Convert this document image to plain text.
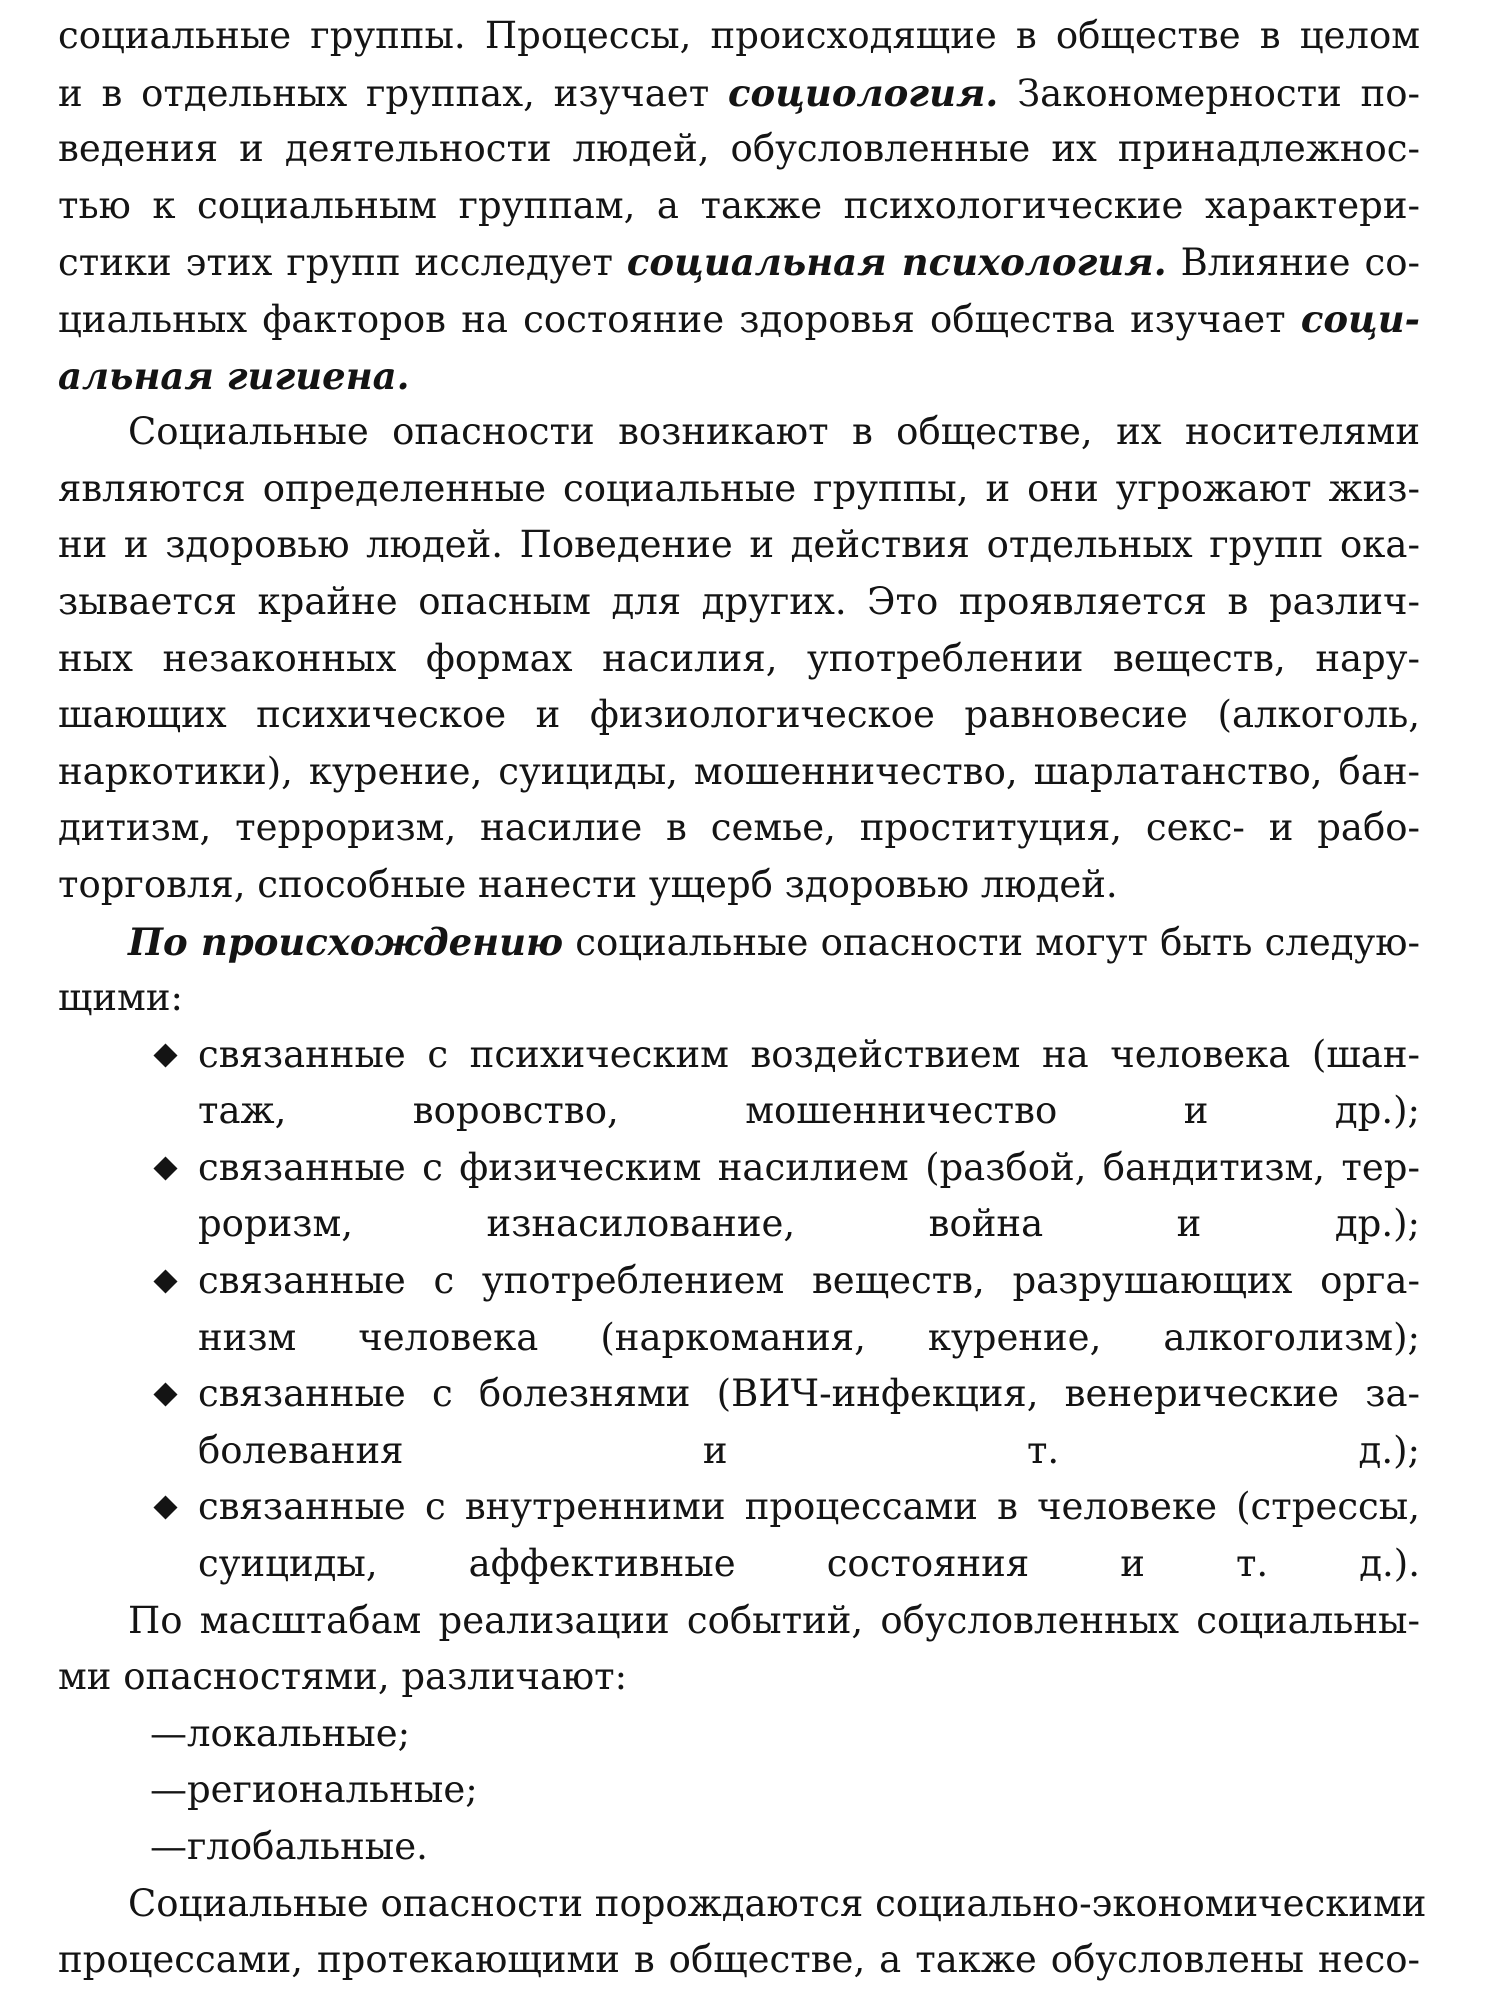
социальные группы. Процессы, происходящие в обществе в целом
и в отдельных группах, изучает социология. Закономерности по-
ведения и деятельности людей, обусловленные их принадлежнос-
тью к социальным группам, а также психологические характери-
стики этих групп исследует социальная психология. Влияние со-
циальных факторов на состояние здоровья общества изучает соци-
альная гигиена.
Социальные опасности возникают в обществе, их носителями
являются определенные социальные группы, и они угрожают жиз-
ни и здоровью людей. Поведение и действия отдельных групп ока-
зывается крайне опасным для других. Это проявляется в различ-
ных незаконных формах насилия, употреблении веществ, нару-
шающих психическое и физиологическое равновесие (алкоголь,
наркотики), курение, суициды, мошенничество, шарлатанство, бан-
дитизм, терроризм, насилие в семье, проституция, секс- и рабо-
торговля, способные нанести ущерб здоровью людей.
По происхождению социальные опасности могут быть следую-
щими:
связанные с психическим воздействием на человека (шан-
таж, воровство, мошенничество и др.);
связанные с физическим насилием (разбой, бандитизм, тер-
роризм, изнасилование, война и др.);
связанные с употреблением веществ, разрушающих орга-
низм человека (наркомания, курение, алкоголизм);
связанные с болезнями (ВИЧ-инфекция, венерические за-
болевания и т. д.);
связанные с внутренними процессами в человеке (стрессы,
суициды, аффективные состояния и т. д.).
По масштабам реализации событий, обусловленных социальны-
ми опасностями, различают:
—локальные;
—региональные;
—глобальные.
Социальные опасности порождаются социально-экономическими
процессами, протекающими в обществе, а также обусловлены несо-
